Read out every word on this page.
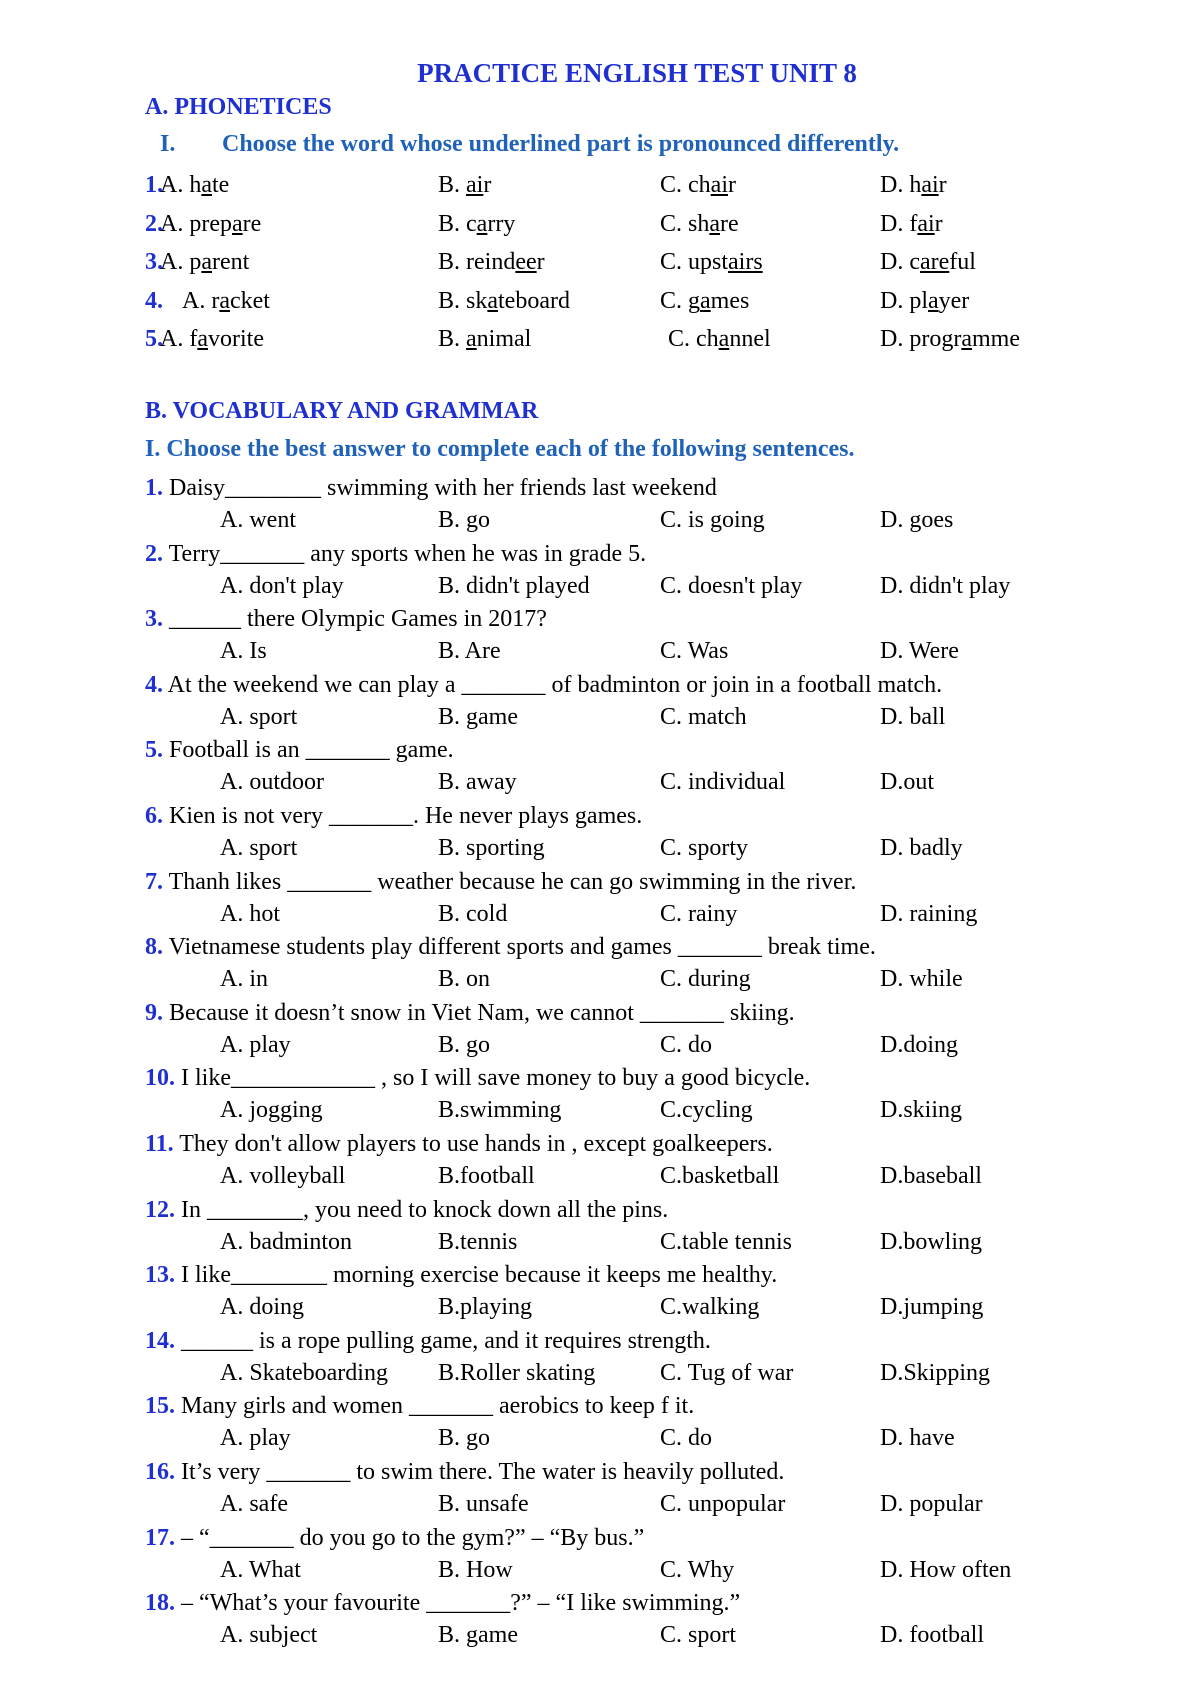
PRACTICE ENGLISH TEST UNIT 8
A. PHONETICES
I. Choose the word whose underlined part is pronounced differently.
1.
A. hate	B. air	C. chair	D. hair
2.
A. prepare	B. carry	C. share	D. fair
3.
A. parent	B. reindeer	C. upstairs	D. careful
4. A. racket	B. skateboard	C. games	D. player
5.
A. favorite	B. animal	C. channel	D. programme
B. VOCABULARY AND GRAMMAR
I. Choose the best answer to complete each of the following sentences.
1. Daisy________ swimming with her friends last weekend
A. went	B. go	C. is going	D. goes
2. Terry_______ any sports when he was in grade 5.
A. don't play	B. didn't played	C. doesn't play	D. didn't play
3. ______ there Olympic Games in 2017?
A. Is	B. Are	C. Was	D. Were
4. At the weekend we can play a _______ of badminton or join in a football match.
A. sport	B. game	C. match	D. ball
5. Football is an _______ game.
A. outdoor	B. away	C. individual	D.out
6. Kien is not very _______. He never plays games.
A. sport	B. sporting	C. sporty	D. badly
7. Thanh likes _______ weather because he can go swimming in the river.
A. hot	B. cold	C. rainy	D. raining
8. Vietnamese students play different sports and games _______ break time.
A. in	B. on	C. during	D. while
9. Because it doesn’t snow in Viet Nam, we cannot _______ skiing.
A. play	B. go	C. do	D.doing
10. I like____________ , so I will save money to buy a good bicycle.
A. jogging	B.swimming	C.cycling	D.skiing
11. They don't allow players to use hands in , except goalkeepers.
A. volleyball	B.football	C.basketball	D.baseball
12. In ________, you need to knock down all the pins.
A. badminton	B.tennis	C.table tennis	D.bowling
13. I like________ morning exercise because it keeps me healthy.
A. doing	B.playing	C.walking	D.jumping
14. ______ is a rope pulling game, and it requires strength.
A. Skateboarding B.Roller skating	C. Tug of war	D.Skipping
15. Many girls and women _______ aerobics to keep f it.
A. play	B. go	C. do	D. have
16. It’s very _______ to swim there. The water is heavily polluted.
A. safe	B. unsafe	C. unpopular	D. popular
17. – “_______ do you go to the gym?” – “By bus.”
A. What	B. How	C. Why	D. How often
18. – “What’s your favourite _______?” – “I like swimming.”
A. subject	B. game	C. sport	D. football
